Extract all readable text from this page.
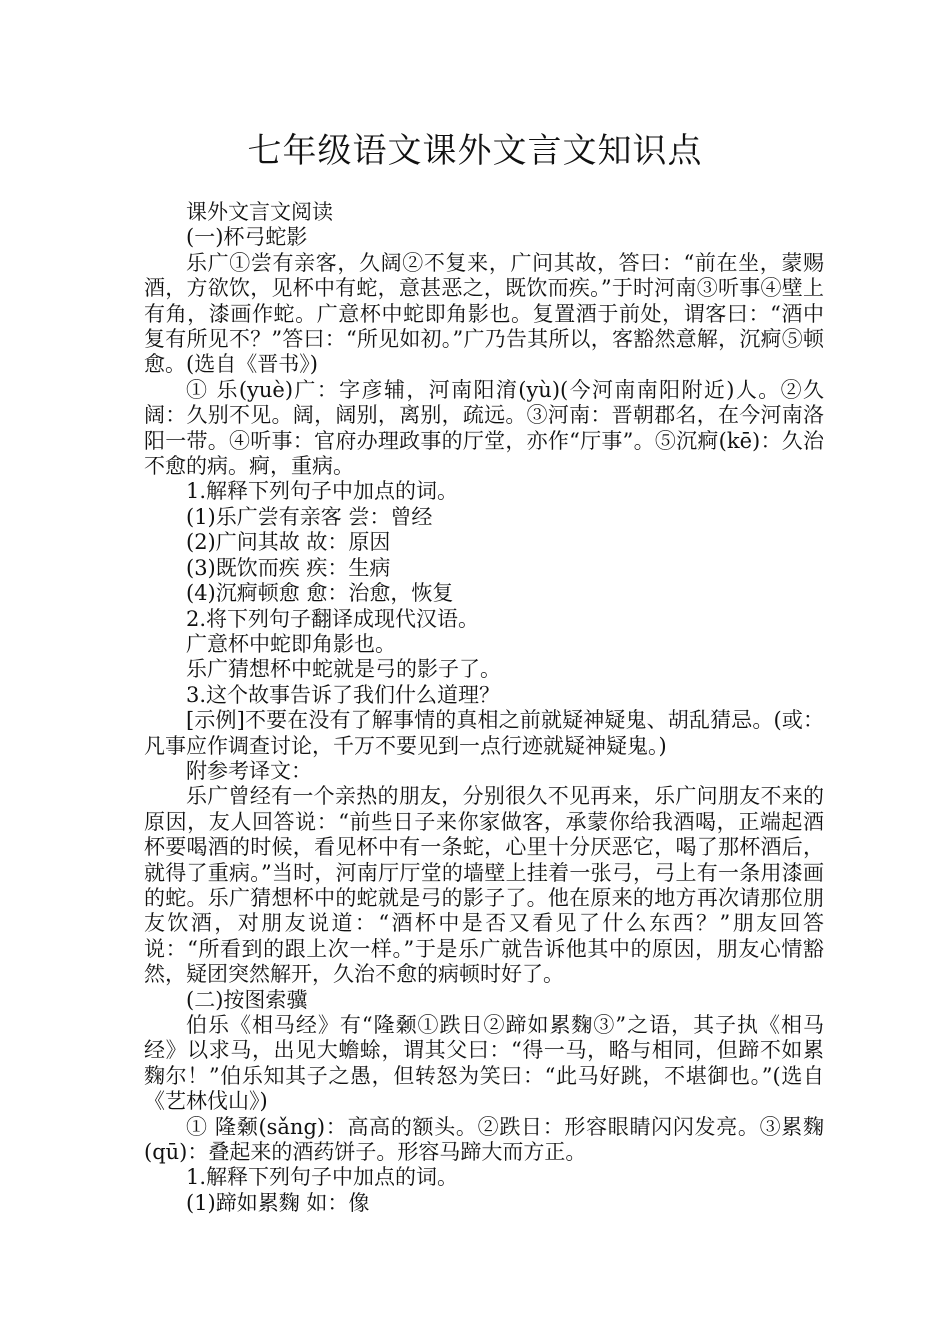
七年级语文课外文言文知识点

课外文言文阅读

(一)杯弓蛇影

乐广①尝有亲客，久阔②不复来，广问其故，答曰：“前在坐，蒙赐酒，方欲饮，见杯中有蛇，意甚恶之，既饮而疾。”于时河南③听事④壁上有角，漆画作蛇。广意杯中蛇即角影也。复置酒于前处，谓客曰：“酒中复有所见不？”答曰：“所见如初。”广乃告其所以，客豁然意解，沉痾⑤顿愈。(选自《晋书》)

① 乐(yuè)广：字彦辅，河南阳淯(yù)(今河南南阳附近)人。②久阔：久别不见。阔，阔别，离别，疏远。③河南：晋朝郡名，在今河南洛阳一带。④听事：官府办理政事的厅堂，亦作“厅事”。⑤沉痾(kē)：久治不愈的病。痾，重病。

1.解释下列句子中加点的词。

(1)乐广尝有亲客 尝：曾经

(2)广问其故 故：原因

(3)既饮而疾 疾：生病

(4)沉痾顿愈 愈：治愈，恢复

2.将下列句子翻译成现代汉语。

广意杯中蛇即角影也。

乐广猜想杯中蛇就是弓的影子了。

3.这个故事告诉了我们什么道理？

[示例]不要在没有了解事情的真相之前就疑神疑鬼、胡乱猜忌。(或：凡事应作调查讨论，千万不要见到一点行迹就疑神疑鬼。)

附参考译文：

乐广曾经有一个亲热的朋友，分别很久不见再来，乐广问朋友不来的原因，友人回答说：“前些日子来你家做客，承蒙你给我酒喝，正端起酒杯要喝酒的时候，看见杯中有一条蛇，心里十分厌恶它，喝了那杯酒后，就得了重病。”当时，河南厅厅堂的墙壁上挂着一张弓，弓上有一条用漆画的蛇。乐广猜想杯中的蛇就是弓的影子了。他在原来的地方再次请那位朋友饮酒，对朋友说道：“酒杯中是否又看见了什么东西？”朋友回答说：“所看到的跟上次一样。”于是乐广就告诉他其中的原因，朋友心情豁然，疑团突然解开，久治不愈的病顿时好了。

(二)按图索骥

伯乐《相马经》有“隆颡①跌日②蹄如累麴③”之语，其子执《相马经》以求马，出见大蟾蜍，谓其父曰：“得一马，略与相同，但蹄不如累麴尔！”伯乐知其子之愚，但转怒为笑曰：“此马好跳，不堪御也。”(选自《艺林伐山》)

① 隆颡(sǎng)：高高的额头。②跌日：形容眼睛闪闪发亮。③累麴(qū)：叠起来的酒药饼子。形容马蹄大而方正。

1.解释下列句子中加点的词。

(1)蹄如累麴 如：像
